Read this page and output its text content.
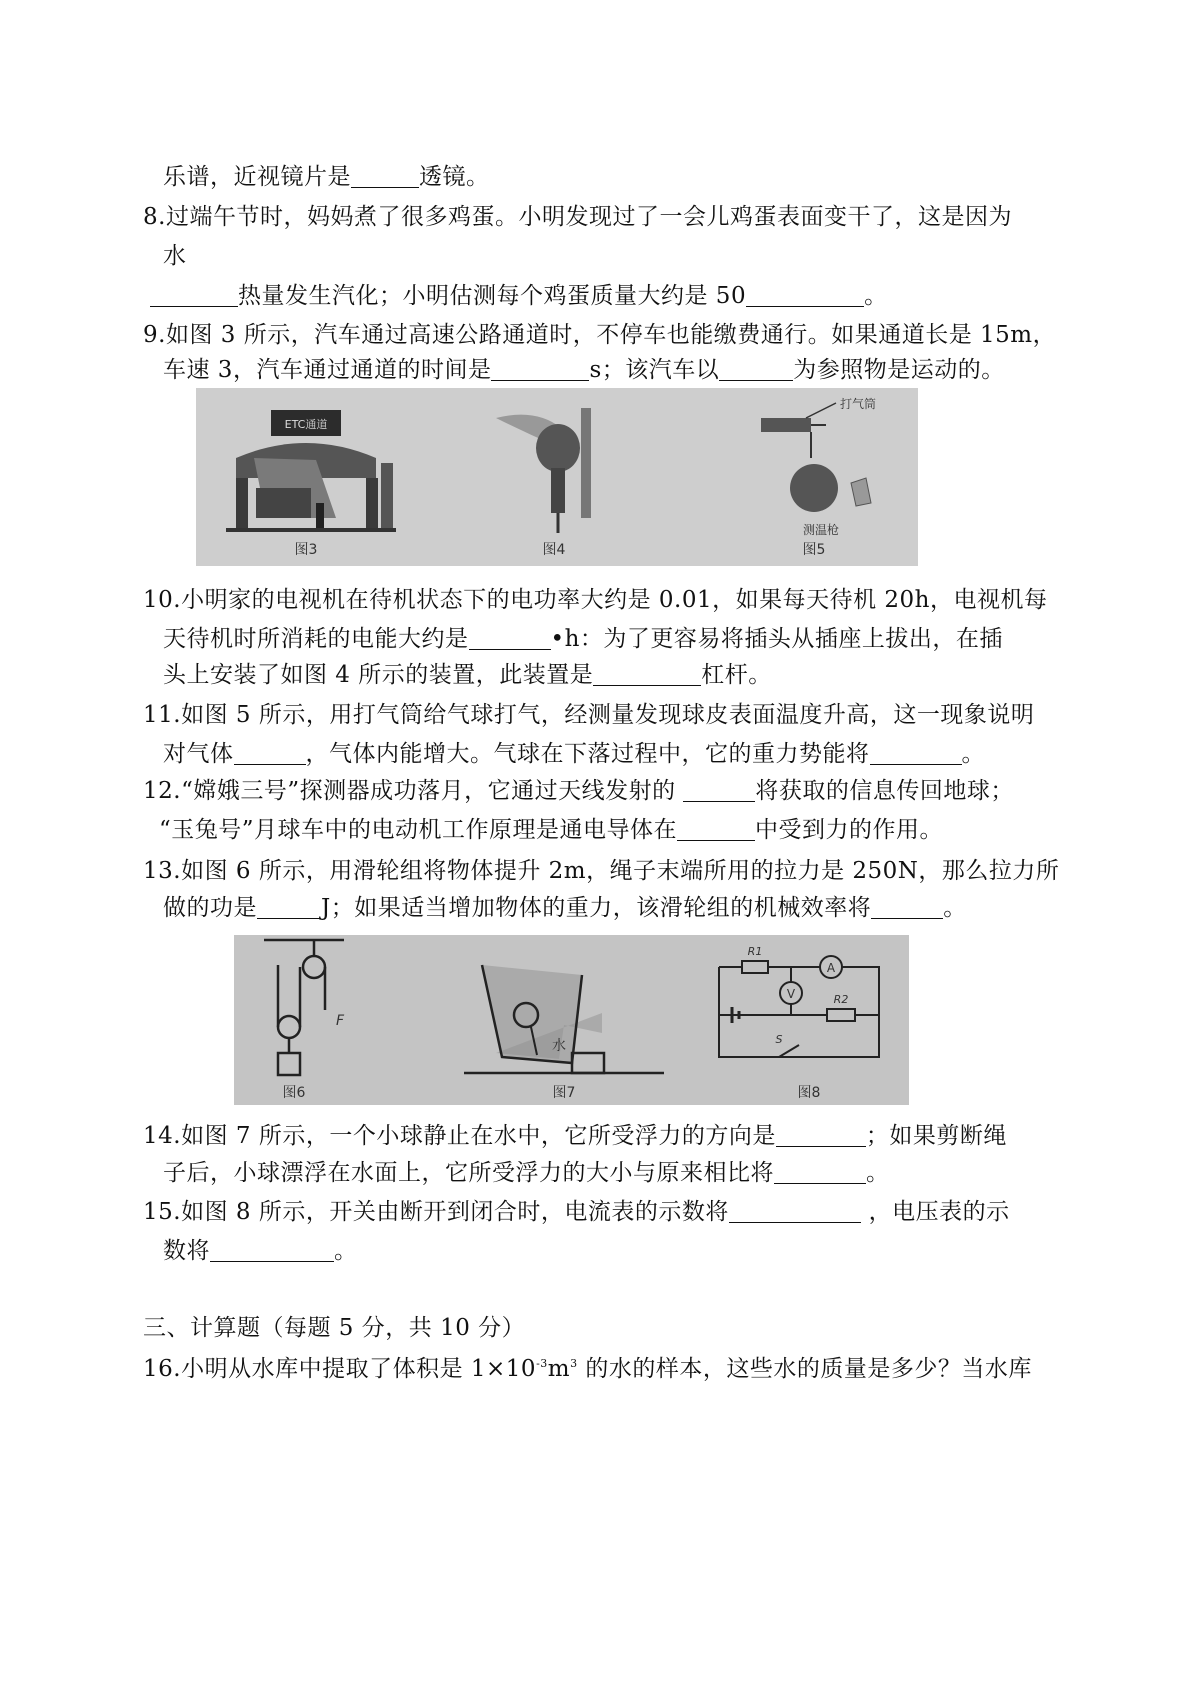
乐谱，近视镜片是	透镜。
8.过端午节时，妈妈煮了很多鸡蛋。小明发现过了一会儿鸡蛋表面变干了，这是因为
水
热量发生汽化；小明估测每个鸡蛋质量大约是 50	。
9.如图 3 所示，汽车通过高速公路通道时，不停车也能缴费通行。如果通道长是 15m，
车速 3，汽车通过通道的时间是	s；该汽车以	为参照物是运动的。
ETC通道
图3	图4
打气筒
测温枪
图5
10.小明家的电视机在待机状态下的电功率大约是 0.01，如果每天待机 20h，电视机每
天待机时所消耗的电能大约是	•h：为了更容易将插头从插座上拔出，在插
头上安装了如图 4 所示的装置，此装置是	杠杆。
11.如图 5 所示，用打气筒给气球打气，经测量发现球皮表面温度升高，这一现象说明
对气体	，气体内能增大。气球在下落过程中，它的重力势能将	。
12.“嫦娥三号”探测器成功落月，它通过天线发射的	将获取的信息传回地球；
“玉兔号”月球车中的电动机工作原理是通电导体在	中受到力的作用。
13.如图 6 所示，用滑轮组将物体提升 2m，绳子末端所用的拉力是 250N，那么拉力所
做的功是	J；如果适当增加物体的重力，该滑轮组的机械效率将	。
F
图6
水
图7
R1
R2
A
V
S
图8
14.如图 7 所示，一个小球静止在水中，它所受浮力的方向是	；如果剪断绳
子后，小球漂浮在水面上，它所受浮力的大小与原来相比将	。
15.如图 8 所示，开关由断开到闭合时，电流表的示数将	，电压表的示
数将	。
三、计算题（每题 5 分，共 10 分）
16.小明从水库中提取了体积是 $1\times 10^{-3}m^3$ 的水的样本，这些水的质量是多少？当水库
